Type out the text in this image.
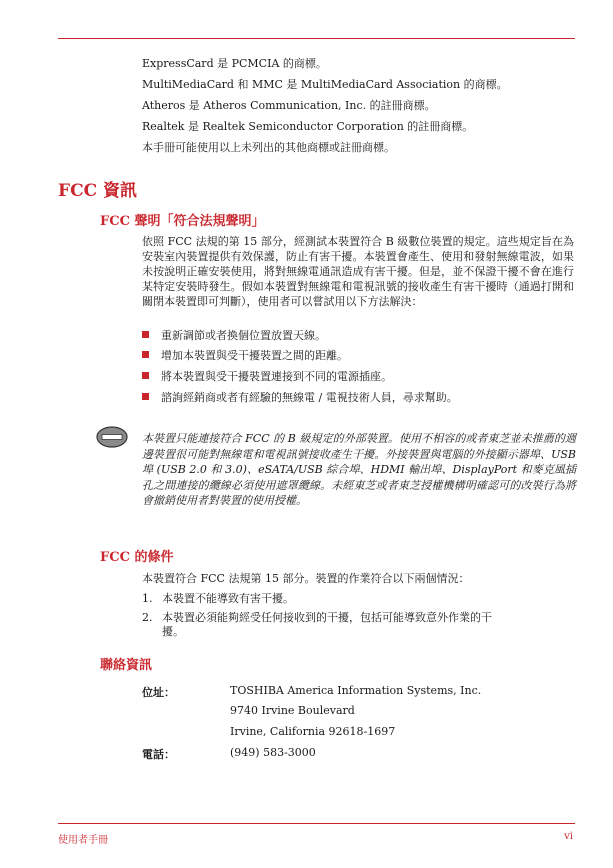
ExpressCard 是 PCMCIA 的商標。
MultiMediaCard 和 MMC 是 MultiMediaCard Association 的商標。
Atheros 是 Atheros Communication, Inc. 的註冊商標。
Realtek 是 Realtek Semiconductor Corporation 的註冊商標。
本手冊可能使用以上未列出的其他商標或註冊商標。
FCC 資訊
FCC 聲明「符合法規聲明」
依照 FCC 法規的第 15 部分，經測試本裝置符合 B 級數位裝置的規定。這些規定旨在為安裝室內裝置提供有效保護，防止有害干擾。本裝置會產生、使用和發射無線電波，如果未按說明正確安裝使用，將對無線電通訊造成有害干擾。但是，並不保證干擾不會在進行某特定安裝時發生。假如本裝置對無線電和電視訊號的接收產生有害干擾時（通過打開和關閉本裝置即可判斷），使用者可以嘗試用以下方法解決：
重新調節或者換個位置放置天線。
增加本裝置與受干擾裝置之間的距離。
將本裝置與受干擾裝置連接到不同的電源插座。
諮詢經銷商或者有經驗的無線電 / 電視技術人員，尋求幫助。
本裝置只能連接符合 FCC 的 B 級規定的外部裝置。使用不相容的或者東芝並未推薦的週邊裝置很可能對無線電和電視訊號接收產生干擾。外接裝置與電腦的外接顯示器埠、USB 埠 (USB 2.0 和 3.0)、eSATA/USB 綜合埠、HDMI 輸出埠、DisplayPort 和麥克風插孔之間連接的纜線必須使用遮罩纜線。未經東芝或者東芝授權機構明確認可的改裝行為將會撤銷使用者對裝置的使用授權。
FCC 的條件
本裝置符合 FCC 法規第 15 部分。裝置的作業符合以下兩個情況：
1. 本裝置不能導致有害干擾。
2. 本裝置必須能夠經受任何接收到的干擾，包括可能導致意外作業的干
擾。
聯絡資訊
位址：	TOSHIBA America Information Systems, Inc.
9740 Irvine Boulevard
Irvine, California 92618-1697
電話：	(949) 583-3000
使用者手冊	vi
